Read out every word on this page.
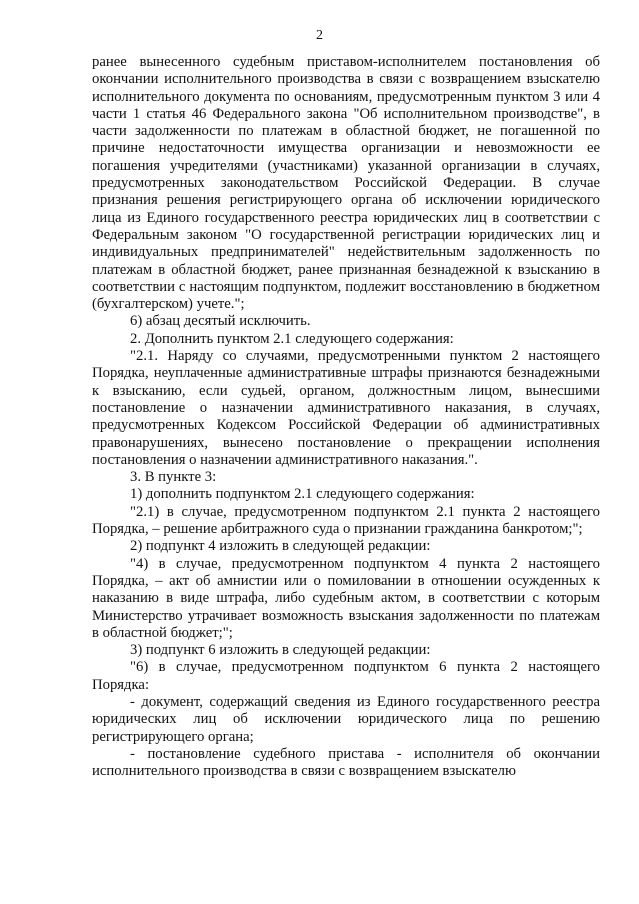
2

ранее вынесенного судебным приставом-исполнителем постановления об окончании исполнительного производства в связи с возвращением взыскателю исполнительного документа по основаниям, предусмотренным пунктом 3 или 4 части 1 статья 46 Федерального закона "Об исполнительном производстве", в части задолженности по платежам в областной бюджет, не погашенной по причине недостаточности имущества организации и невозможности ее погашения учредителями (участниками) указанной организации в случаях, предусмотренных законодательством Российской Федерации. В случае признания решения регистрирующего органа об исключении юридического лица из Единого государственного реестра юридических лиц в соответствии с Федеральным законом "О государственной регистрации юридических лиц и индивидуальных предпринимателей" недействительным задолженность по платежам в областной бюджет, ранее признанная безнадежной к взысканию в соответствии с настоящим подпунктом, подлежит восстановлению в бюджетном (бухгалтерском) учете.";

6) абзац десятый исключить.

2. Дополнить пунктом 2.1 следующего содержания:

"2.1. Наряду со случаями, предусмотренными пунктом 2 настоящего Порядка, неуплаченные административные штрафы признаются безнадежными к взысканию, если судьей, органом, должностным лицом, вынесшими постановление о назначении административного наказания, в случаях, предусмотренных Кодексом Российской Федерации об административных правонарушениях, вынесено постановление о прекращении исполнения постановления о назначении административного наказания.".

3. В пункте 3:

1) дополнить подпунктом 2.1 следующего содержания:

"2.1) в случае, предусмотренном подпунктом 2.1 пункта 2 настоящего Порядка, – решение арбитражного суда о признании гражданина банкротом;";

2) подпункт 4 изложить в следующей редакции:

"4) в случае, предусмотренном подпунктом 4 пункта 2 настоящего Порядка, – акт об амнистии или о помиловании в отношении осужденных к наказанию в виде штрафа, либо судебным актом, в соответствии с которым Министерство утрачивает возможность взыскания задолженности по платежам в областной бюджет;";

3) подпункт 6 изложить в следующей редакции:

"6) в случае, предусмотренном подпунктом 6 пункта 2 настоящего Порядка:

- документ, содержащий сведения из Единого государственного реестра юридических лиц об исключении юридического лица по решению регистрирующего органа;

- постановление судебного пристава - исполнителя об окончании исполнительного производства в связи с возвращением взыскателю
